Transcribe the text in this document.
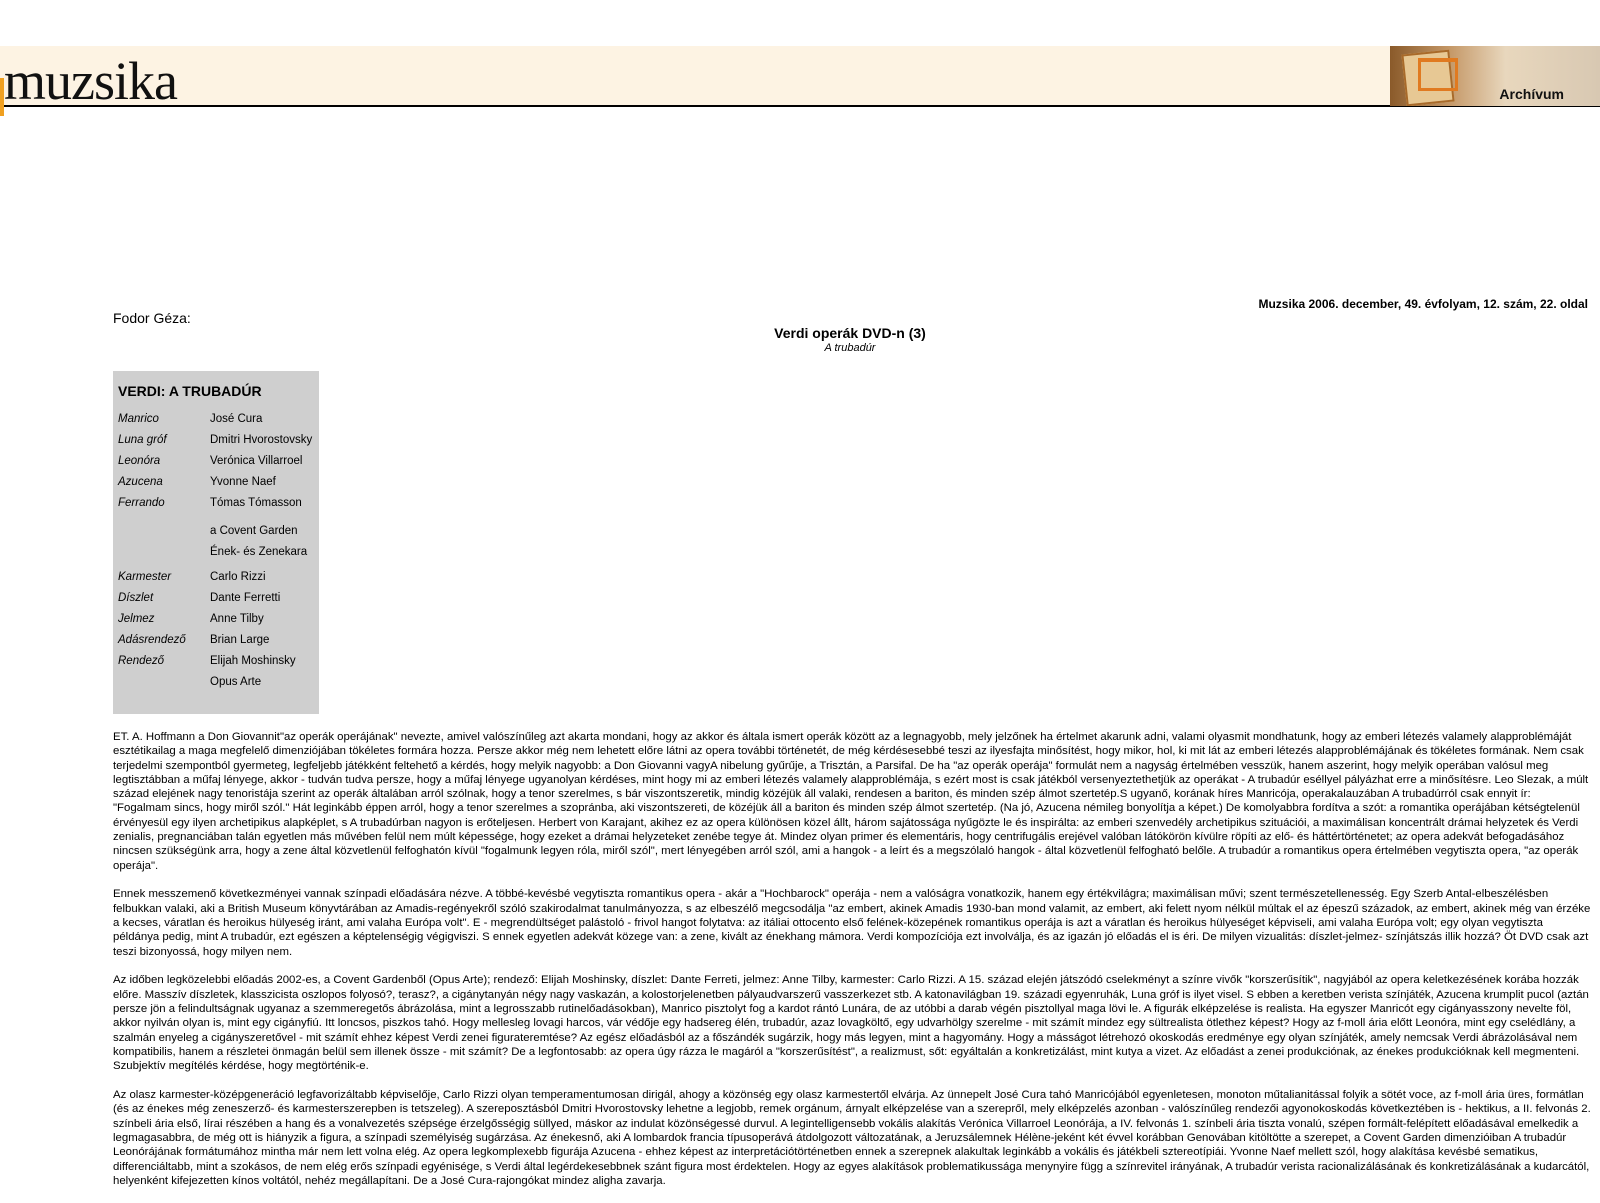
muzsika	Archívum
Muzsika 2006. december, 49. évfolyam, 12. szám, 22. oldal
Fodor Géza:
Verdi operák DVD-n (3)
A trubadúr
VERDI: A TRUBADÚR
Manrico	José Cura
Luna gróf	Dmitri Hvorostovsky
Leonóra	Verónica Villarroel
Azucena	Yvonne Naef
Ferrando	Tómas Tómasson
a Covent Garden
Ének- és Zenekara
Karmester	Carlo Rizzi
Díszlet	Dante Ferretti
Jelmez	Anne Tilby
Adásrendező	Brian Large
Rendező	Elijah Moshinsky
Opus Arte

ET. A. Hoffmann a Don Giovannit"az operák operájának" nevezte, amivel valószínűleg azt akarta mondani, hogy az akkor és általa ismert operák között az a legnagyobb, mely jelzőnek ha értelmet akarunk adni, valami olyasmit mondhatunk, hogy az emberi létezés valamely alapproblémáját esztétikailag a maga megfelelő dimenziójában tökéletes formára hozza. Persze akkor még nem lehetett előre látni az opera további történetét, de még kérdésesebbé teszi az ilyesfajta minősítést, hogy mikor, hol, ki mit lát az emberi létezés alapproblémájának és tökéletes formának. Nem csak terjedelmi szempontból gyermeteg, legfeljebb játékként feltehető a kérdés, hogy melyik nagyobb: a Don Giovanni vagyA nibelung gyűrűje, a Trisztán, a Parsifal. De ha "az operák operája" formulát nem a nagyság értelmében vesszük, hanem aszerint, hogy melyik operában valósul meg legtisztábban a műfaj lényege, akkor - tudván tudva persze, hogy a műfaj lényege ugyanolyan kérdéses, mint hogy mi az emberi létezés valamely alapproblémája, s ezért most is csak játékból versenyeztethetjük az operákat - A trubadúr eséllyel pályázhat erre a minősítésre. Leo Slezak, a múlt század elejének nagy tenoristája szerint az operák általában arról szólnak, hogy a tenor szerelmes, s bár viszontszeretik, mindig közéjük áll valaki, rendesen a bariton, és minden szép álmot szertetép.S ugyanő, korának híres Manricója, operakalauzában A trubadúrról csak ennyit ír: "Fogalmam sincs, hogy miről szól." Hát leginkább éppen arról, hogy a tenor szerelmes a szopránba, aki viszontszereti, de közéjük áll a bariton és minden szép álmot szertetép. (Na jó, Azucena némileg bonyolítja a képet.) De komolyabbra fordítva a szót: a romantika operájában kétségtelenül érvényesül egy ilyen archetipikus alapképlet, s A trubadúrban nagyon is erőteljesen. Herbert von Karajant, akihez ez az opera különösen közel állt, három sajátossága nyűgözte le és inspirálta: az emberi szenvedély archetipikus szituációi, a maximálisan koncentrált drámai helyzetek és Verdi zenialis, pregnanciában talán egyetlen más művében felül nem múlt képessége, hogy ezeket a drámai helyzeteket zenébe tegye át. Mindez olyan primer és elementáris, hogy centrifugális erejével valóban látókörön kívülre röpíti az elő- és háttértörténetet; az opera adekvát befogadásához nincsen szükségünk arra, hogy a zene által közvetlenül felfoghatón kívül "fogalmunk legyen róla, miről szól", mert lényegében arról szól, ami a hangok - a leírt és a megszólaló hangok - által közvetlenül felfogható belőle. A trubadúr a romantikus opera értelmében vegytiszta opera, "az operák operája".

Ennek messzemenő következményei vannak színpadi előadására nézve. A többé-kevésbé vegytiszta romantikus opera - akár a "Hochbarock" operája - nem a valóságra vonatkozik, hanem egy értékvilágra; maximálisan művi; szent természetellenesség. Egy Szerb Antal-elbeszélésben felbukkan valaki, aki a British Museum könyvtárában az Amadis-regényekről szóló szakirodalmat tanulmányozza, s az elbeszélő megcsodálja "az embert, akinek Amadis 1930-ban mond valamit, az embert, aki felett nyom nélkül múltak el az épeszű századok, az embert, akinek még van érzéke a kecses, váratlan és heroikus hülyeség iránt, ami valaha Európa volt". E - megrendültséget palástoló - frivol hangot folytatva: az itáliai ottocento első felének-közepének romantikus operája is azt a váratlan és heroikus hülyeséget képviseli, ami valaha Európa volt; egy olyan vegytiszta példánya pedig, mint A trubadúr, ezt egészen a képtelenségig végigviszi. S ennek egyetlen adekvát közege van: a zene, kivált az énekhang mámora. Verdi kompozíciója ezt involválja, és az igazán jó előadás el is éri. De milyen vizualitás: díszlet-jelmez- színjátszás illik hozzá? Öt DVD csak azt teszi bizonyossá, hogy milyen nem.

Az időben legközelebbi előadás 2002-es, a Covent Gardenből (Opus Arte); rendező: Elijah Moshinsky, díszlet: Dante Ferreti, jelmez: Anne Tilby, karmester: Carlo Rizzi. A 15. század elején játszódó cselekményt a színre vivők "korszerűsítik", nagyjából az opera keletkezésének korába hozzák előre. Masszív díszletek, klasszicista oszlopos folyosó?, terasz?, a cigánytanyán négy nagy vaskazán, a kolostorjelenetben pályaudvarszerű vasszerkezet stb. A katonavilágban 19. századi egyenruhák, Luna gróf is ilyet visel. S ebben a keretben verista színjáték, Azucena krumplit pucol (aztán persze jön a felindultságnak ugyanaz a szemmeregetős ábrázolása, mint a legrosszabb rutinelőadásokban), Manrico pisztolyt fog a kardot rántó Lunára, de az utóbbi a darab végén pisztollyal maga lövi le. A figurák elképzelése is realista. Ha egyszer Manricót egy cigányasszony nevelte föl, akkor nyilván olyan is, mint egy cigányfiú. Itt loncsos, piszkos tahó. Hogy mellesleg lovagi harcos, vár védője egy hadsereg élén, trubadúr, azaz lovagköltő, egy udvarhölgy szerelme - mit számít mindez egy sültrealista ötlethez képest? Hogy az f-moll ária előtt Leonóra, mint egy cselédlány, a szalmán enyeleg a cigányszeretővel - mit számít ehhez képest Verdi zenei figurateremtése? Az egész előadásból az a főszándék sugárzik, hogy más legyen, mint a hagyomány. Hogy a másságot létrehozó okoskodás eredménye egy olyan színjáték, amely nemcsak Verdi ábrázolásával nem kompatibilis, hanem a részletei önmagán belül sem illenek össze - mit számít? De a legfontosabb: az opera úgy rázza le magáról a "korszerűsítést", a realizmust, sőt: egyáltalán a konkretizálást, mint kutya a vizet. Az előadást a zenei produkciónak, az énekes produkcióknak kell megmenteni. Szubjektív megítélés kérdése, hogy megtörténik-e.

Az olasz karmester-középgeneráció legfavorizáltabb képviselője, Carlo Rizzi olyan temperamentumosan dirigál, ahogy a közönség egy olasz karmestertől elvárja. Az ünnepelt José Cura tahó Manricójából egyenletesen, monoton műtalianitással folyik a sötét voce, az f-moll ária üres, formátlan (és az énekes még zeneszerző- és karmesterszerepben is tetszeleg). A szereposztásból Dmitri Hvorostovsky lehetne a legjobb, remek orgánum, árnyalt elképzelése van a szerepről, mely elképzelés azonban - valószínűleg rendezői agyonokoskodás következtében is - hektikus, a II. felvonás 2. színbeli ária első, lírai részében a hang és a vonalvezetés szépsége érzelgősségig süllyed, máskor az indulat közönségessé durvul. A legintelligensebb vokális alakítás Verónica Villarroel Leonórája, a IV. felvonás 1. színbeli ária tiszta vonalú, szépen formált-felépített előadásával emelkedik a legmagasabbra, de még ott is hiányzik a figura, a színpadi személyiség sugárzása. Az énekesnő, aki A lombardok francia típusoperává átdolgozott változatának, a Jeruzsálemnek Hélène-jeként két évvel korábban Genovában kitöltötte a szerepet, a Covent Garden dimenzióiban A trubadúr Leonórájának formátumához mintha már nem lett volna elég. Az opera legkomplexebb figurája Azucena - ehhez képest az interpretációtörténetben ennek a szerepnek alakultak leginkább a vokális és játékbeli sztereotípiái. Yvonne Naef mellett szól, hogy alakítása kevésbé sematikus, differenciáltabb, mint a szokásos, de nem elég erős színpadi egyénisége, s Verdi által legérdekesebbnek szánt figura most érdektelen. Hogy az egyes alakítások problematikussága menynyire függ a színrevitel irányának, A trubadúr verista racionalizálásának és konkretizálásának a kudarcától, helyenként kifejezetten kínos voltától, nehéz megállapítani. De a José Cura-rajongókat mindez aligha zavarja.
